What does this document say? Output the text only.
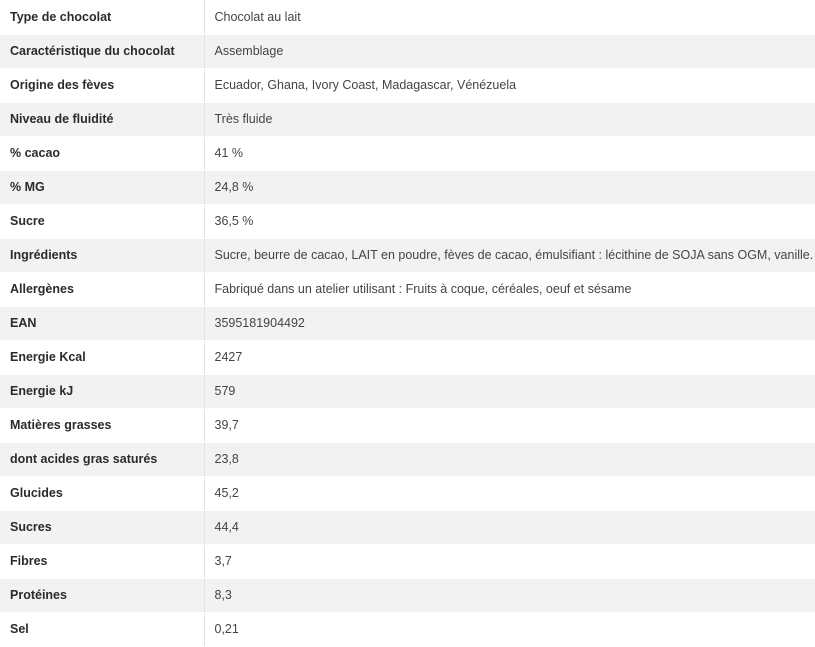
Type de chocolat	Chocolat au lait
Caractéristique du chocolat	Assemblage
Origine des fèves	Ecuador, Ghana, Ivory Coast, Madagascar, Vénézuela
Niveau de fluidité	Très fluide
% cacao	41 %
% MG	24,8 %
Sucre	36,5 %
Ingrédients	Sucre, beurre de cacao, LAIT en poudre, fèves de cacao, émulsifiant : lécithine de SOJA sans OGM, vanille.
Allergènes	Fabriqué dans un atelier utilisant : Fruits à coque, céréales, oeuf et sésame
EAN	3595181904492
Energie Kcal	2427
Energie kJ	579
Matières grasses	39,7
dont acides gras saturés	23,8
Glucides	45,2
Sucres	44,4
Fibres	3,7
Protéines	8,3
Sel	0,21
